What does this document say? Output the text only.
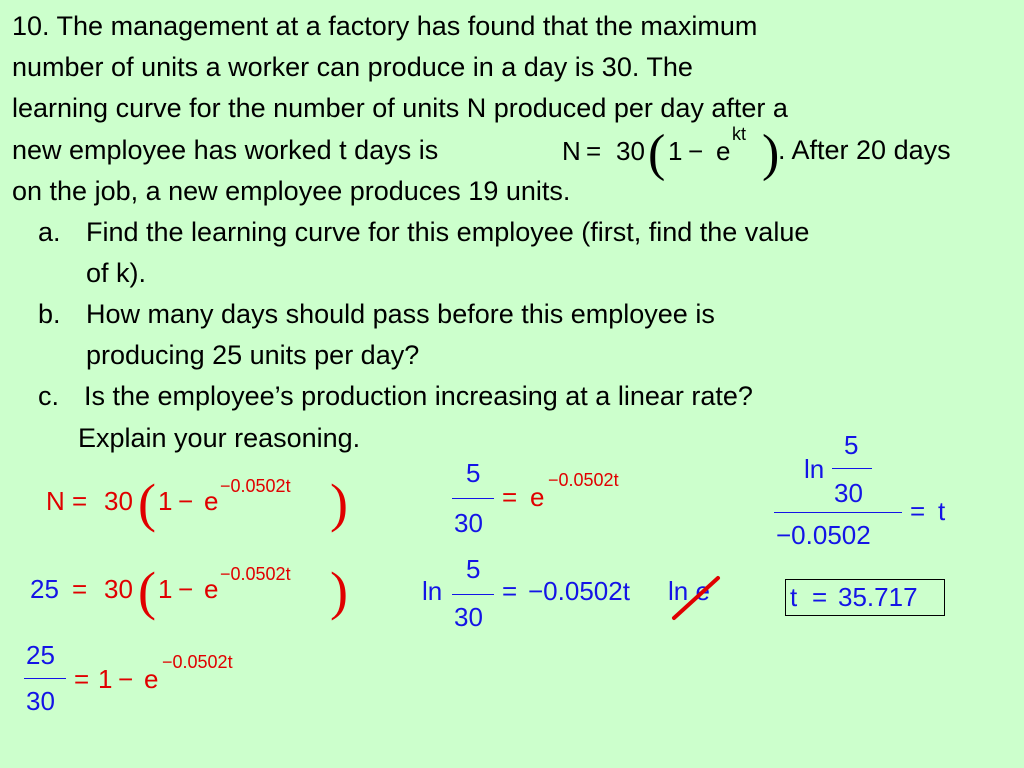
10. The management at a factory has found that the maximum
number of units a worker can produce in a day is 30. The
learning curve for the number of units N produced per day after a
new employee has worked t days is	N = 30 ( 1 − e
kt )
. After 20 days
on the job, a new employee produces 19 units.
a. Find the learning curve for this employee (first, find the value
of k).
b. How many days should pass before this employee is
producing 25 units per day?
c. Is the employee’s production increasing at a linear rate?
Explain your reasoning.
N = 30 ( 1 − e −0.0502t )
25 = 30 ( 1 − e −0.0502t )
25
30
= 1 − e
−0.0502t
5
30
= e
−0.0502t
ln
5
30
= −0.0502t ln e
ln
5
30
−0.0502
= t
t = 35.717
